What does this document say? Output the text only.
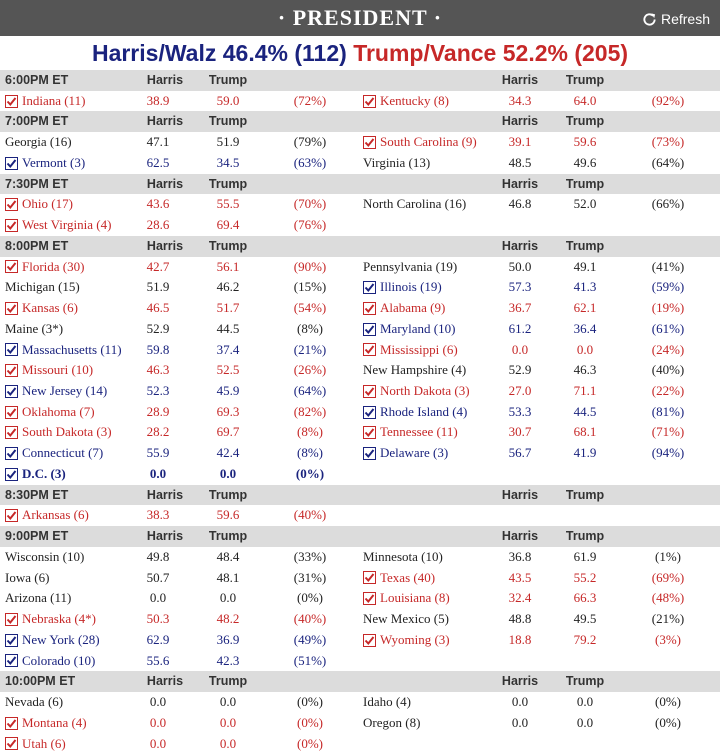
· PRESIDENT ·	Refresh
Harris/Walz 46.4% (112) Trump/Vance 52.2% (205)
6:00PM ET	Harris	Trump	Harris	Trump
Indiana (11)	38.9	59.0	(72%)	Kentucky (8)	34.3	64.0	(92%)
7:00PM ET	Harris	Trump	Harris	Trump
Georgia (16)	47.1	51.9	(79%)	South Carolina (9)	39.1	59.6	(73%)
Vermont (3)	62.5	34.5	(63%)	Virginia (13)	48.5	49.6	(64%)
7:30PM ET	Harris	Trump	Harris	Trump
Ohio (17)	43.6	55.5	(70%)	North Carolina (16)	46.8	52.0	(66%)
West Virginia (4)	28.6	69.4	(76%)
8:00PM ET	Harris	Trump	Harris	Trump
Florida (30)	42.7	56.1	(90%)	Pennsylvania (19)	50.0	49.1	(41%)
Michigan (15)	51.9	46.2	(15%)	Illinois (19)	57.3	41.3	(59%)
Kansas (6)	46.5	51.7	(54%)	Alabama (9)	36.7	62.1	(19%)
Maine (3*)	52.9	44.5	(8%)	Maryland (10)	61.2	36.4	(61%)
Massachusetts (11)	59.8	37.4	(21%)	Mississippi (6)	0.0	0.0	(24%)
Missouri (10)	46.3	52.5	(26%)	New Hampshire (4)	52.9	46.3	(40%)
New Jersey (14)	52.3	45.9	(64%)	North Dakota (3)	27.0	71.1	(22%)
Oklahoma (7)	28.9	69.3	(82%)	Rhode Island (4)	53.3	44.5	(81%)
South Dakota (3)	28.2	69.7	(8%)	Tennessee (11)	30.7	68.1	(71%)
Connecticut (7)	55.9	42.4	(8%)	Delaware (3)	56.7	41.9	(94%)
D.C. (3)	0.0	0.0	(0%)
8:30PM ET	Harris	Trump	Harris	Trump
Arkansas (6)	38.3	59.6	(40%)
9:00PM ET	Harris	Trump	Harris	Trump
Wisconsin (10)	49.8	48.4	(33%)	Minnesota (10)	36.8	61.9	(1%)
Iowa (6)	50.7	48.1	(31%)	Texas (40)	43.5	55.2	(69%)
Arizona (11)	0.0	0.0	(0%)	Louisiana (8)	32.4	66.3	(48%)
Nebraska (4*)	50.3	48.2	(40%)	New Mexico (5)	48.8	49.5	(21%)
New York (28)	62.9	36.9	(49%)	Wyoming (3)	18.8	79.2	(3%)
Colorado (10)	55.6	42.3	(51%)
10:00PM ET	Harris	Trump	Harris	Trump
Nevada (6)	0.0	0.0	(0%)	Idaho (4)	0.0	0.0	(0%)
Montana (4)	0.0	0.0	(0%)	Oregon (8)	0.0	0.0	(0%)
Utah (6)	0.0	0.0	(0%)
